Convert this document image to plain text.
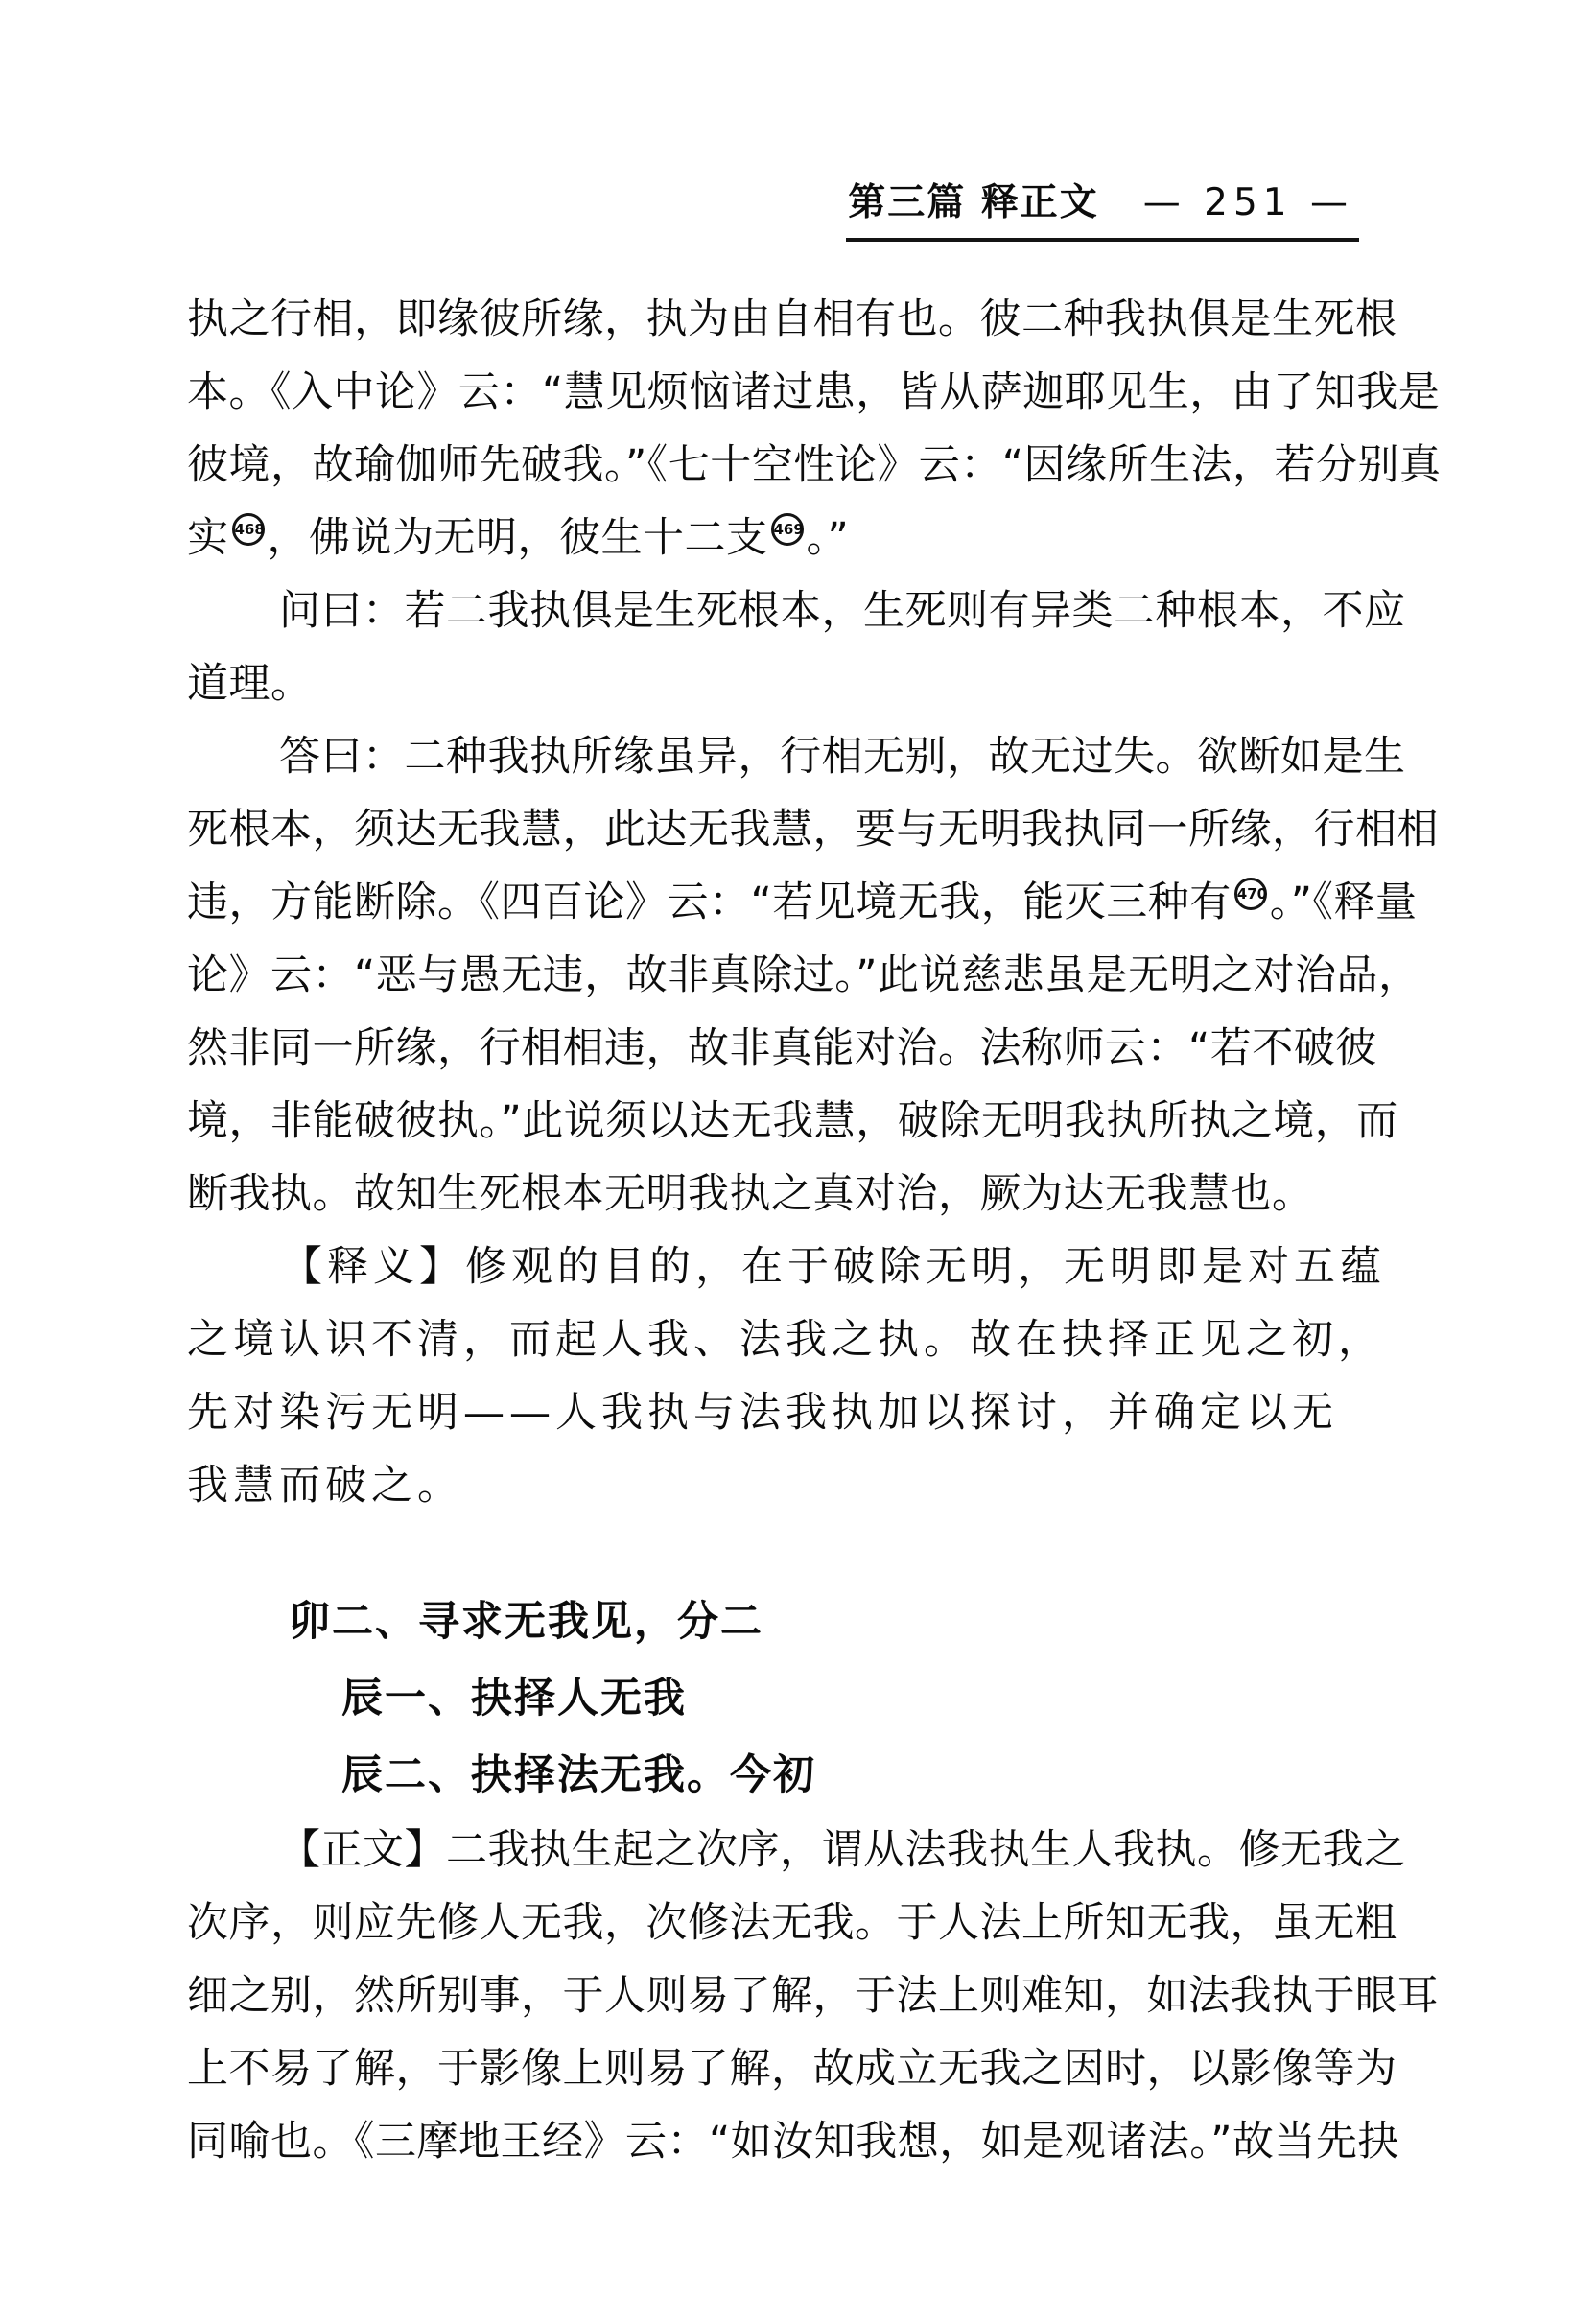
第三篇 释正文 — 251 —
执之行相，即缘彼所缘，执为由自相有也。彼二种我执俱是生死根
本。《入中论》云：“慧见烦恼诸过患，皆从萨迦耶见生，由了知我是
彼境，故瑜伽师先破我。”《七十空性论》云：“因缘所生法，若分别真
实 468，佛说为无明，彼生十二支 469。”
问曰：若二我执俱是生死根本，生死则有异类二种根本，不应
道理。
答曰：二种我执所缘虽异，行相无别，故无过失。欲断如是生
死根本，须达无我慧，此达无我慧，要与无明我执同一所缘，行相相
违，方能断除。《四百论》云：“若见境无我，能灭三种有 470。”《释量
论》云：“恶与愚无违，故非真除过。”此说慈悲虽是无明之对治品，
然非同一所缘，行相相违，故非真能对治。法称师云：“若不破彼
境，非能破彼执。”此说须以达无我慧，破除无明我执所执之境，而
断我执。故知生死根本无明我执之真对治，厥为达无我慧也。
【释义】修观的目的，在于破除无明，无明即是对五蕴
之境认识不清，而起人我、法我之执。故在抉择正见之初，
先对染污无明——人我执与法我执加以探讨，并确定以无
我慧而破之。
卯二、寻求无我见，分二
辰一、抉择人无我
辰二、抉择法无我。今初
【正文】二我执生起之次序，谓从法我执生人我执。修无我之
次序，则应先修人无我，次修法无我。于人法上所知无我，虽无粗
细之别，然所别事，于人则易了解，于法上则难知，如法我执于眼耳
上不易了解，于影像上则易了解，故成立无我之因时，以影像等为
同喻也。《三摩地王经》云：“如汝知我想，如是观诸法。”故当先抉
